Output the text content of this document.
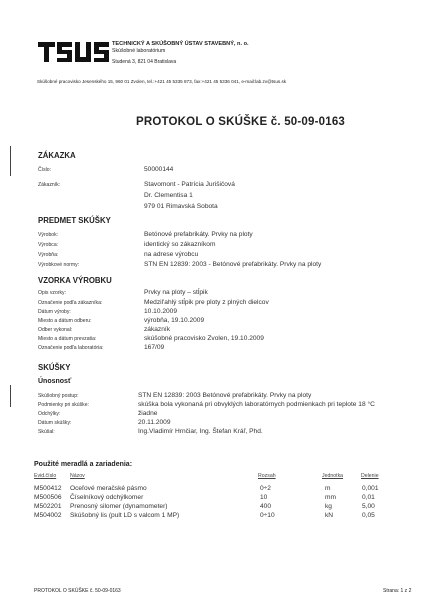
TECHNICKÝ A SKÚŠOBNÝ ÚSTAV STAVEBNÝ, n. o.
Skúšobné laboratórium
Studená 3, 821 04 Bratislava
Skúšobné pracovisko Jesenského 15, 960 01 Zvolen, tel.:+421 45 5335 873, fax:+421 45 5336 041, e-mail:lab.zv@tsus.sk
PROTOKOL O SKÚŠKE č. 50-09-0163
ZÁKAZKA
Číslo:	50000144
Zákazník:	Stavomont - Patrícia Jurišičová
Dr. Clementisa 1
979 01 Rimavská Sobota
PREDMET SKÚŠKY
Výrobok:	Betónové prefabrikáty. Prvky na ploty
Výrobca:	identický so zákazníkom
Výrobňa:	na adrese výrobcu
Výrobkové normy:	STN EN 12839: 2003 - Betónové prefabrikáty. Prvky na ploty
VZORKA VÝROBKU
Opis vzorky:	Prvky na ploty – stĺpik
Označenie podľa zákazníka:	Medzil'ahlý stĺpik pre ploty z plných dielcov
Dátum výroby:	10.10.2009
Miesto a dátum odberu:	výrobňa, 19.10.2009
Odber vykonal:	zákazník
Miesto a dátum prevzatia:	skúšobné pracovisko Zvolen, 19.10.2009
Označenie podľa laboratória:	167/09
SKÚŠKY
Únosnosť
Skúšobný postup:	STN EN 12839: 2003 Betónové prefabrikáty. Prvky na ploty
Podmienky pri skúške:	skúška bola vykonaná pri obvyklých laboratórnych podmienkach pri teplote 18 °C
Odchýlky:	žiadne
Dátum skúšky:	20.11.2009
Skúšal:	Ing.Vladimír Hrnčiar, Ing. Štefan Kráľ, Phd.
Použité meradlá a zariadenia:
Evid.číslo	Názov	Rozsah	Jednotka	Delenie
M500412 Oceľové meračské pásmo	0÷2	m	0,001
M500506 Číselníkový odchýlkomer	10	mm	0,01
M502201 Prenosný silomer (dynamometer)	400	kg	5,00
M504002 Skúšobný lis (pult LD s valcom 1 MP)	0÷10	kN	0,05
PROTOKOL O SKÚŠKE č. 50-09-0163	Strana: 1 z 2
